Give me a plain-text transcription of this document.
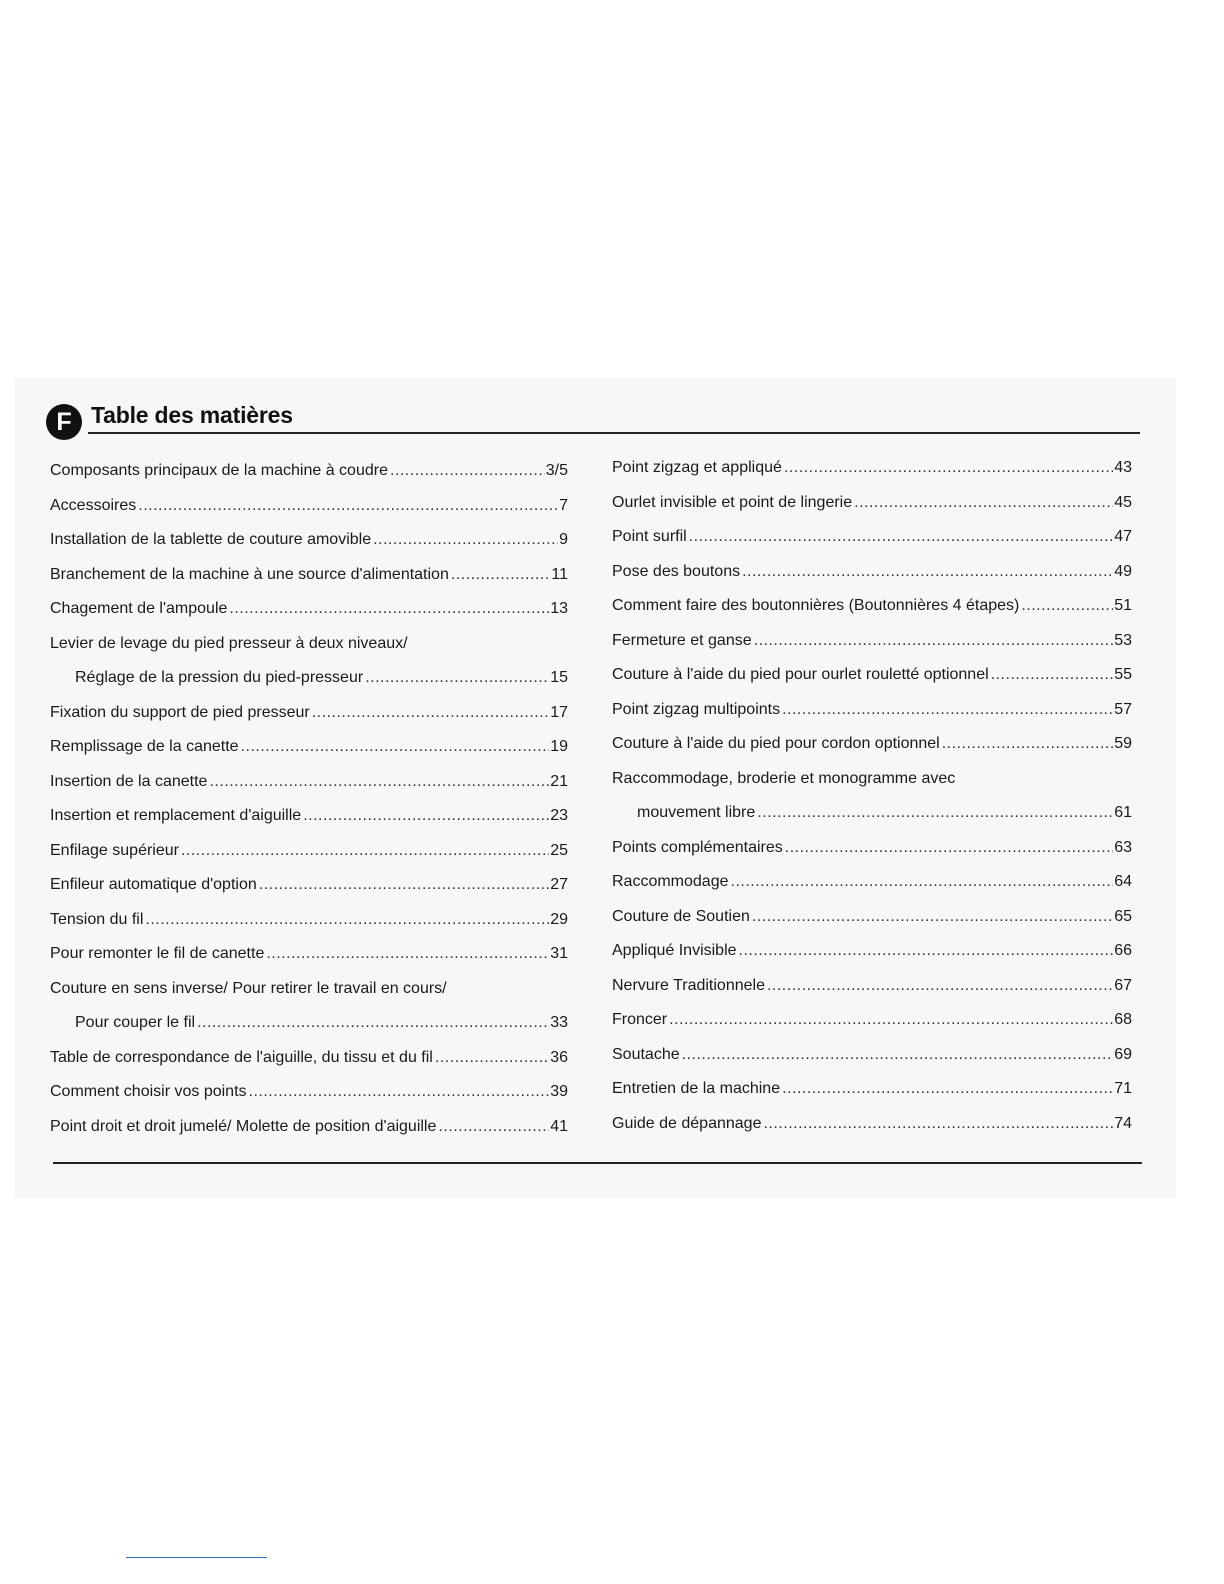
F Table des matières
Composants principaux de la machine à coudre .....	3/5
Accessoires .....	7
Installation de la tablette de couture amovible .....	9
Branchement de la machine à une source d'alimentation .....	11
Chagement de l'ampoule .....	13
Levier de levage du pied presseur à deux niveaux/
Réglage de la pression du pied-presseur .....	15
Fixation du support de pied presseur .....	17
Remplissage de la canette .....	19
Insertion de la canette .....	21
Insertion et remplacement d'aiguille .....	23
Enfilage supérieur .....	25
Enfileur automatique d'option .....	27
Tension du fil .....	29
Pour remonter le fil de canette .....	31
Couture en sens inverse/ Pour retirer le travail en cours/
Pour couper le fil .....	33
Table de correspondance de l'aiguille, du tissu et du fil .....	36
Comment choisir vos points .....	39
Point droit et droit jumelé/ Molette de position d'aiguille .....	41
Point zigzag et appliqué .....	43
Ourlet invisible et point de lingerie .....	45
Point surfil .....	47
Pose des boutons .....	49
Comment faire des boutonnières (Boutonnières 4 étapes) .....	51
Fermeture et ganse .....	53
Couture à l'aide du pied pour ourlet rouletté optionnel .....	55
Point zigzag multipoints .....	57
Couture à l'aide du pied pour cordon optionnel .....	59
Raccommodage, broderie et monogramme avec
mouvement libre .....	61
Points complémentaires .....	63
Raccommodage .....	64
Couture de Soutien .....	65
Appliqué Invisible .....	66
Nervure Traditionnele .....	67
Froncer .....	68
Soutache .....	69
Entretien de la machine .....	71
Guide de dépannage .....	74
